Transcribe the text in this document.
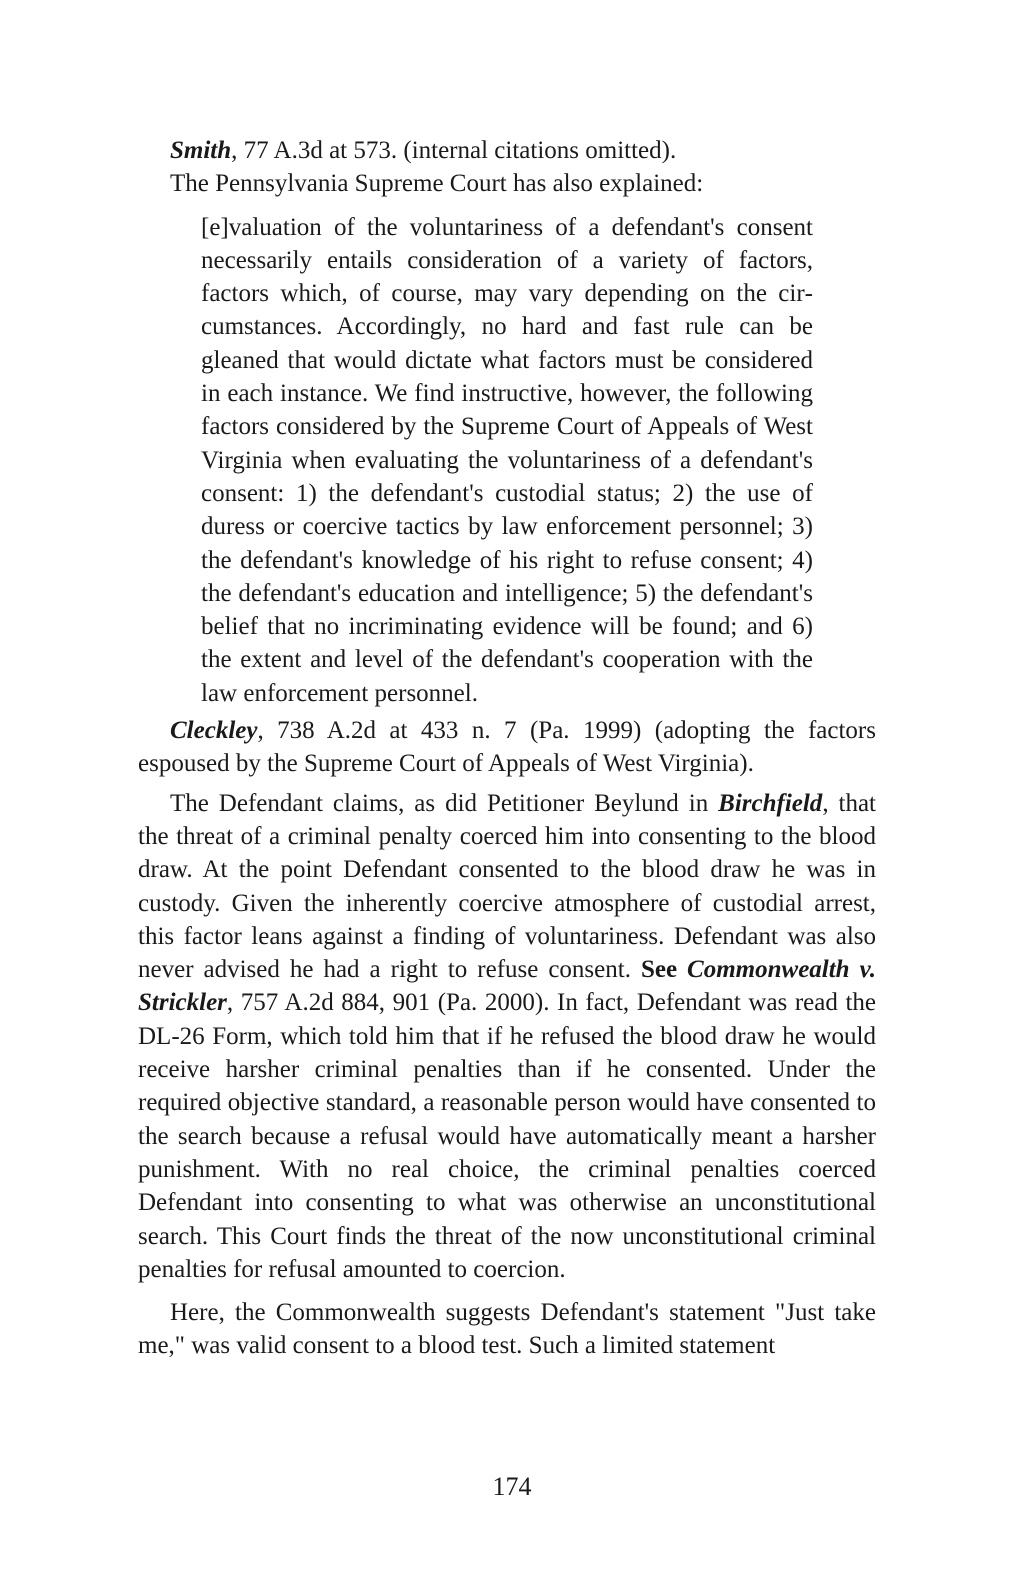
Smith, 77 A.3d at 573. (internal citations omitted).

The Pennsylvania Supreme Court has also explained:

[e]valuation of the voluntariness of a defendant's consent necessarily entails consideration of a variety of factors, factors which, of course, may vary depending on the circumstances. Accordingly, no hard and fast rule can be gleaned that would dictate what factors must be considered in each instance. We find instructive, however, the following factors considered by the Supreme Court of Appeals of West Virginia when evaluating the voluntariness of a defendant's consent: 1) the defendant's custodial status; 2) the use of duress or coercive tactics by law enforcement personnel; 3) the defendant's knowledge of his right to refuse consent; 4) the defendant's education and intelligence; 5) the defendant's belief that no incriminating evidence will be found; and 6) the extent and level of the defendant's cooperation with the law enforcement personnel.

Cleckley, 738 A.2d at 433 n. 7 (Pa. 1999) (adopting the factors espoused by the Supreme Court of Appeals of West Virginia).

The Defendant claims, as did Petitioner Beylund in Birchfield, that the threat of a criminal penalty coerced him into consenting to the blood draw. At the point Defendant consented to the blood draw he was in custody. Given the inherently coercive atmosphere of custodial arrest, this factor leans against a finding of voluntariness. Defendant was also never advised he had a right to refuse consent. See Commonwealth v. Strickler, 757 A.2d 884, 901 (Pa. 2000). In fact, Defendant was read the DL-26 Form, which told him that if he refused the blood draw he would receive harsher criminal penalties than if he consented. Under the required objective standard, a reasonable person would have consented to the search because a refusal would have automatically meant a harsher punishment. With no real choice, the criminal penalties coerced Defendant into consenting to what was otherwise an unconstitutional search. This Court finds the threat of the now unconstitutional criminal penalties for refusal amounted to coercion.

Here, the Commonwealth suggests Defendant's statement "Just take me," was valid consent to a blood test. Such a limited statement

174
